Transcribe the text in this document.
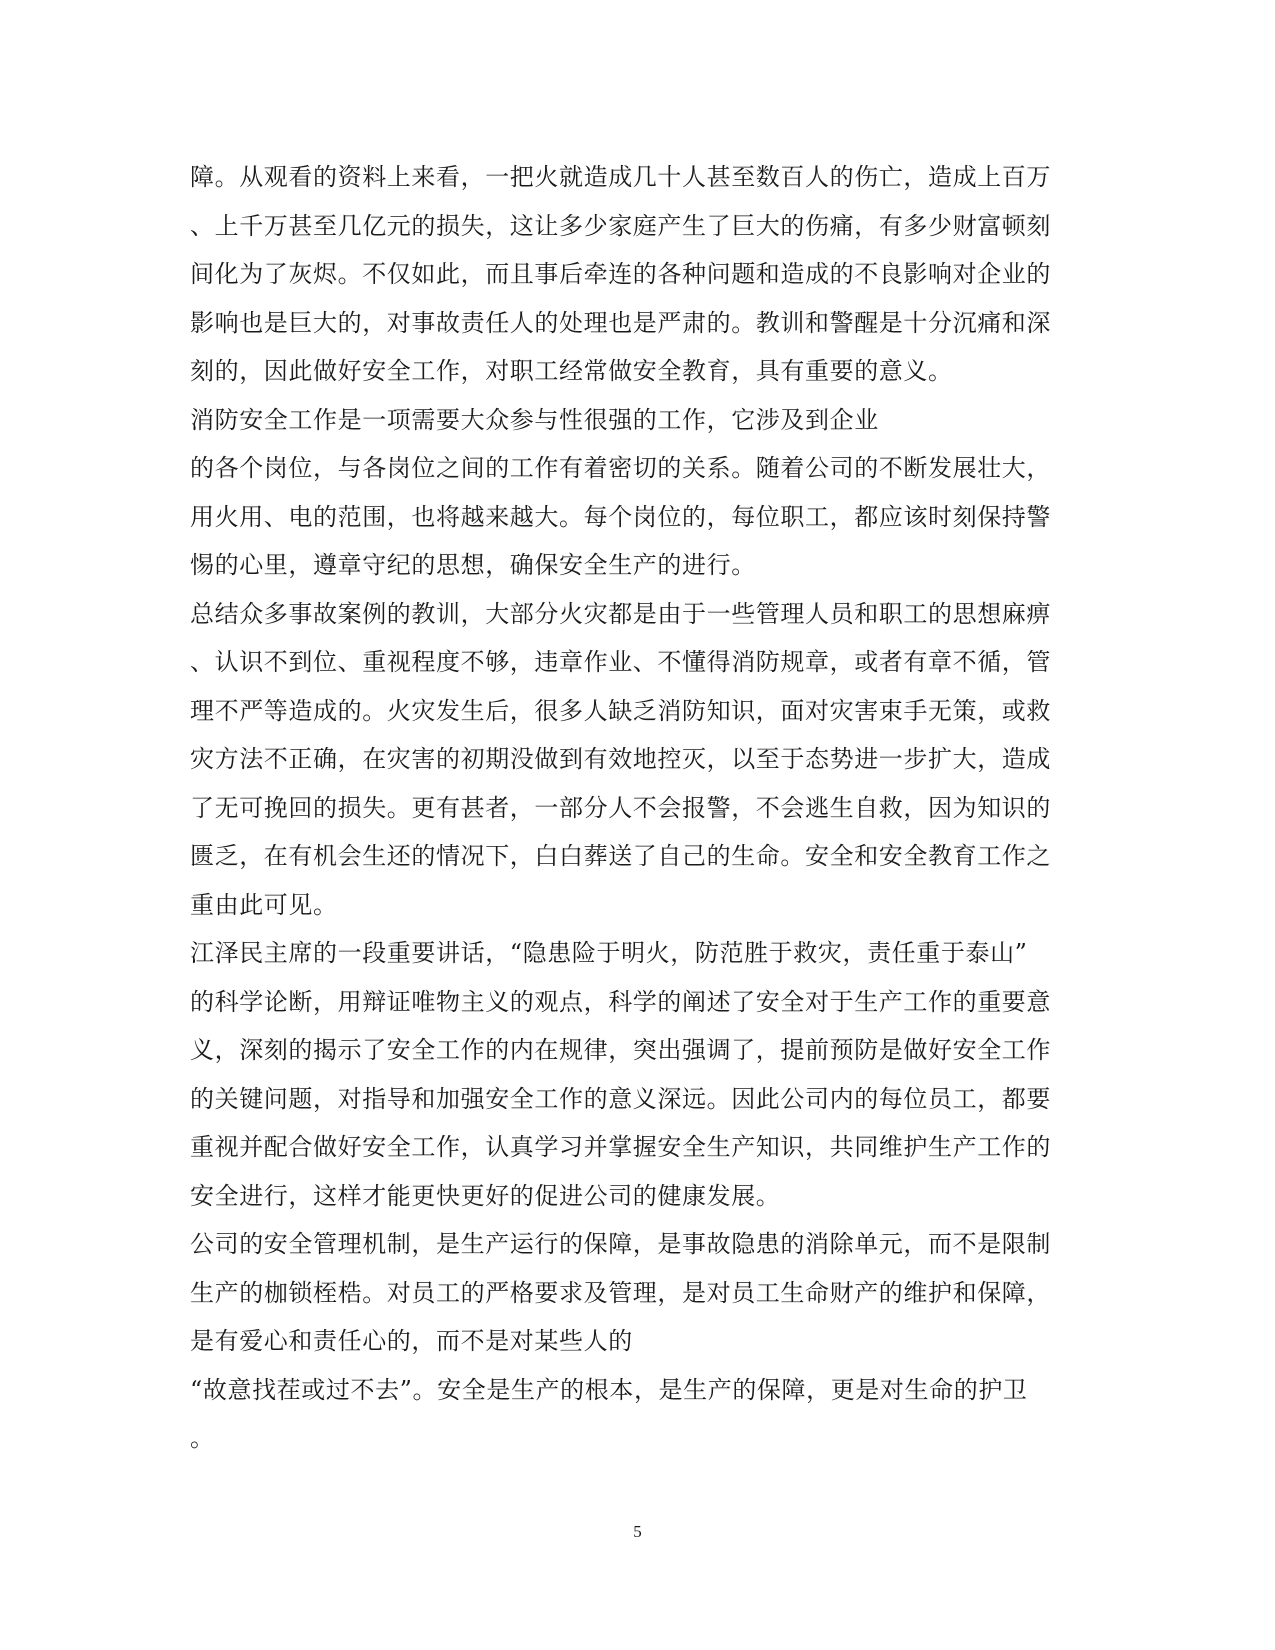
障。从观看的资料上来看，一把火就造成几十人甚至数百人的伤亡，造成上百万
、上千万甚至几亿元的损失，这让多少家庭产生了巨大的伤痛，有多少财富顿刻
间化为了灰烬。不仅如此，而且事后牵连的各种问题和造成的不良影响对企业的
影响也是巨大的，对事故责任人的处理也是严肃的。教训和警醒是十分沉痛和深
刻的，因此做好安全工作，对职工经常做安全教育，具有重要的意义。
消防安全工作是一项需要大众参与性很强的工作，它涉及到企业
的各个岗位，与各岗位之间的工作有着密切的关系。随着公司的不断发展壮大，
用火用、电的范围，也将越来越大。每个岗位的，每位职工，都应该时刻保持警
惕的心里，遵章守纪的思想，确保安全生产的进行。
总结众多事故案例的教训，大部分火灾都是由于一些管理人员和职工的思想麻痹
、认识不到位、重视程度不够，违章作业、不懂得消防规章，或者有章不循，管
理不严等造成的。火灾发生后，很多人缺乏消防知识，面对灾害束手无策，或救
灾方法不正确，在灾害的初期没做到有效地控灭，以至于态势进一步扩大，造成
了无可挽回的损失。更有甚者，一部分人不会报警，不会逃生自救，因为知识的
匮乏，在有机会生还的情况下，白白葬送了自己的生命。安全和安全教育工作之
重由此可见。
江泽民主席的一段重要讲话，“隐患险于明火，防范胜于救灾，责任重于泰山”
的科学论断，用辩证唯物主义的观点，科学的阐述了安全对于生产工作的重要意
义，深刻的揭示了安全工作的内在规律，突出强调了，提前预防是做好安全工作
的关键问题，对指导和加强安全工作的意义深远。因此公司内的每位员工，都要
重视并配合做好安全工作，认真学习并掌握安全生产知识，共同维护生产工作的
安全进行，这样才能更快更好的促进公司的健康发展。
公司的安全管理机制，是生产运行的保障，是事故隐患的消除单元，而不是限制
生产的枷锁桎梏。对员工的严格要求及管理，是对员工生命财产的维护和保障，
是有爱心和责任心的，而不是对某些人的
“故意找茬或过不去”。安全是生产的根本，是生产的保障，更是对生命的护卫
。
5
